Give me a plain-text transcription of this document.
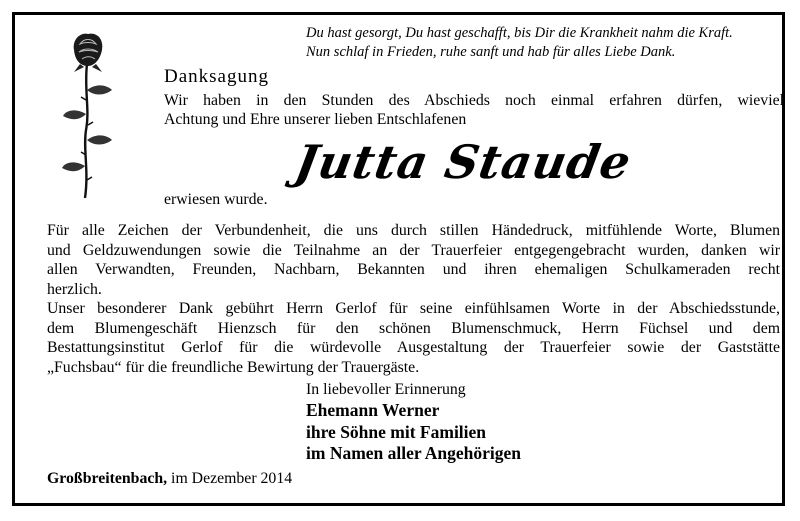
Du hast gesorgt, Du hast geschafft, bis Dir die Krankheit nahm die Kraft.
Nun schlaf in Frieden, ruhe sanft und hab für alles Liebe Dank.
Danksagung
Wir haben in den Stunden des Abschieds noch einmal erfahren dürfen, wieviel
Achtung und Ehre unserer lieben Entschlafenen
Jutta Staude
erwiesen wurde.
Für alle Zeichen der Verbundenheit, die uns durch stillen Händedruck, mitfühlende Worte, Blumen
und Geldzuwendungen sowie die Teilnahme an der Trauerfeier entgegengebracht wurden, danken wir
allen Verwandten, Freunden, Nachbarn, Bekannten und ihren ehemaligen Schulkameraden recht
herzlich.
Unser besonderer Dank gebührt Herrn Gerlof für seine einfühlsamen Worte in der Abschiedsstunde,
dem Blumengeschäft Hienzsch für den schönen Blumenschmuck, Herrn Füchsel und dem
Bestattungsinstitut Gerlof für die würdevolle Ausgestaltung der Trauerfeier sowie der Gaststätte
„Fuchsbau“ für die freundliche Bewirtung der Trauergäste.
In liebevoller Erinnerung
Ehemann Werner
ihre Söhne mit Familien
im Namen aller Angehörigen
Großbreitenbach, im Dezember 2014
